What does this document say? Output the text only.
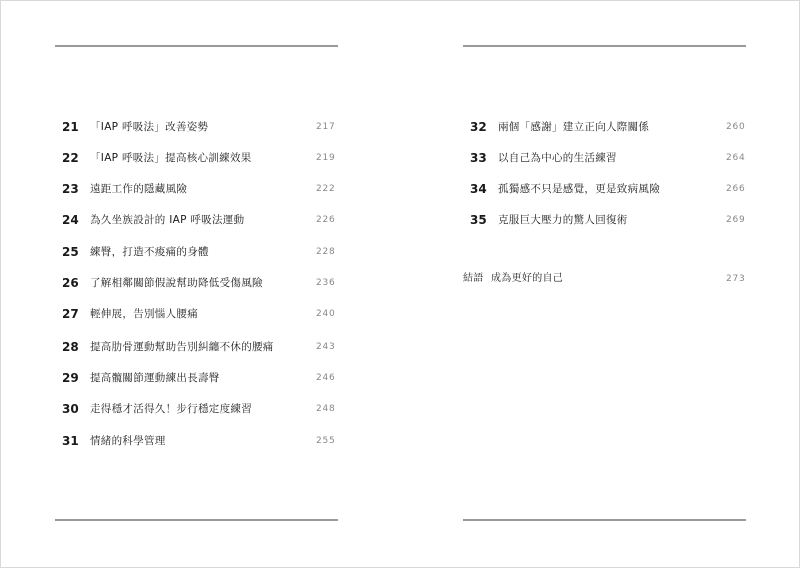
21	「IAP 呼吸法」改善姿勢	217
22	「IAP 呼吸法」提高核心訓練效果	219
23	遠距工作的隱藏風險	222
24	為久坐族設計的 IAP 呼吸法運動	226
25	練臀，打造不痠痛的身體	228
26	了解相鄰關節假說幫助降低受傷風險	236
27	輕伸展，告別惱人腰痛	240
28	提高肋骨運動幫助告別糾纏不休的腰痛	243
29	提高髖關節運動練出長壽臀	246
30	走得穩才活得久！步行穩定度練習	248
31	情緒的科學管理	255
32	兩個「感謝」建立正向人際關係	260
33	以自己為中心的生活練習	264
34	孤獨感不只是感覺，更是致病風險	266
35	克服巨大壓力的驚人回復術	269
結語 成為更好的自己	273
